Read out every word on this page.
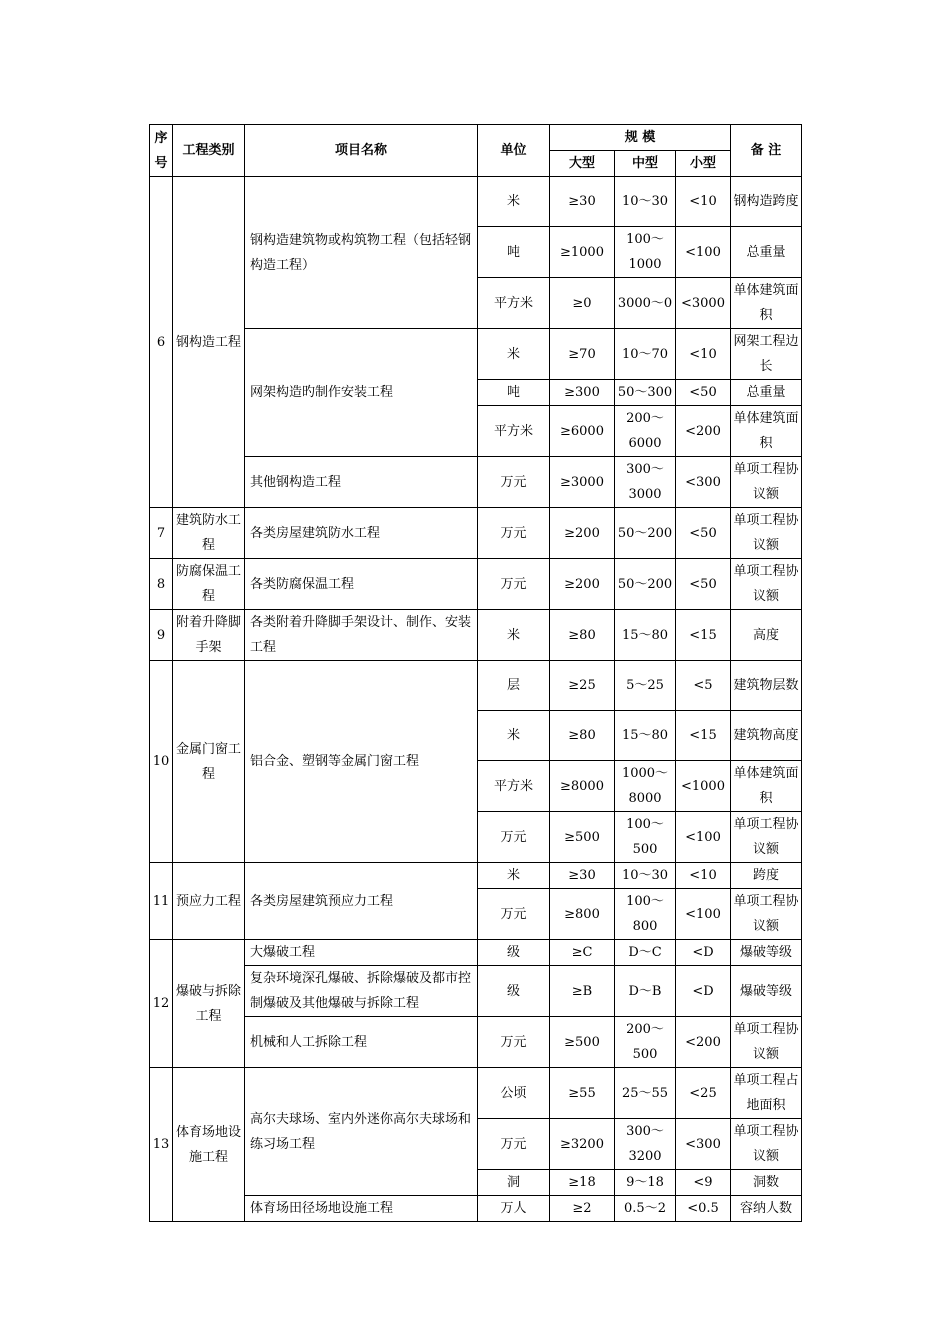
序号	工程类别	项目名称	单位	规 模			备 注
				大型	中型	小型	
6	钢构造工程	钢构造建筑物或构筑物工程（包括轻钢构造工程）	米	≥30	10～30	<10	钢构造跨度
			吨	≥1000	100～1000	<100	总重量
			平方米	≥0	3000～0	<3000	单体建筑面积
		网架构造旳制作安装工程	米	≥70	10～70	<10	网架工程边长
			吨	≥300	50～300	<50	总重量
			平方米	≥6000	200～6000	<200	单体建筑面积
		其他钢构造工程	万元	≥3000	300～3000	<300	单项工程协议额
7	建筑防水工程	各类房屋建筑防水工程	万元	≥200	50～200	<50	单项工程协议额
8	防腐保温工程	各类防腐保温工程	万元	≥200	50～200	<50	单项工程协议额
9	附着升降脚手架	各类附着升降脚手架设计、制作、安装工程	米	≥80	15～80	<15	高度
10	金属门窗工程	铝合金、塑钢等金属门窗工程	层	≥25	5～25	<5	建筑物层数
			米	≥80	15～80	<15	建筑物高度
			平方米	≥8000	1000～8000	<1000	单体建筑面积
			万元	≥500	100～500	<100	单项工程协议额
11	预应力工程	各类房屋建筑预应力工程	米	≥30	10～30	<10	跨度
			万元	≥800	100～800	<100	单项工程协议额
12	爆破与拆除工程	大爆破工程	级	≥C	D～C	<D	爆破等级
		复杂环境深孔爆破、拆除爆破及都市控制爆破及其他爆破与拆除工程	级	≥B	D～B	<D	爆破等级
		机械和人工拆除工程	万元	≥500	200～500	<200	单项工程协议额
13	体育场地设施工程	高尔夫球场、室内外迷你高尔夫球场和练习场工程	公顷	≥55	25～55	<25	单项工程占地面积
			万元	≥3200	300～3200	<300	单项工程协议额
			洞	≥18	9～18	<9	洞数
		体育场田径场地设施工程	万人	≥2	0.5～2	<0.5	容纳人数
